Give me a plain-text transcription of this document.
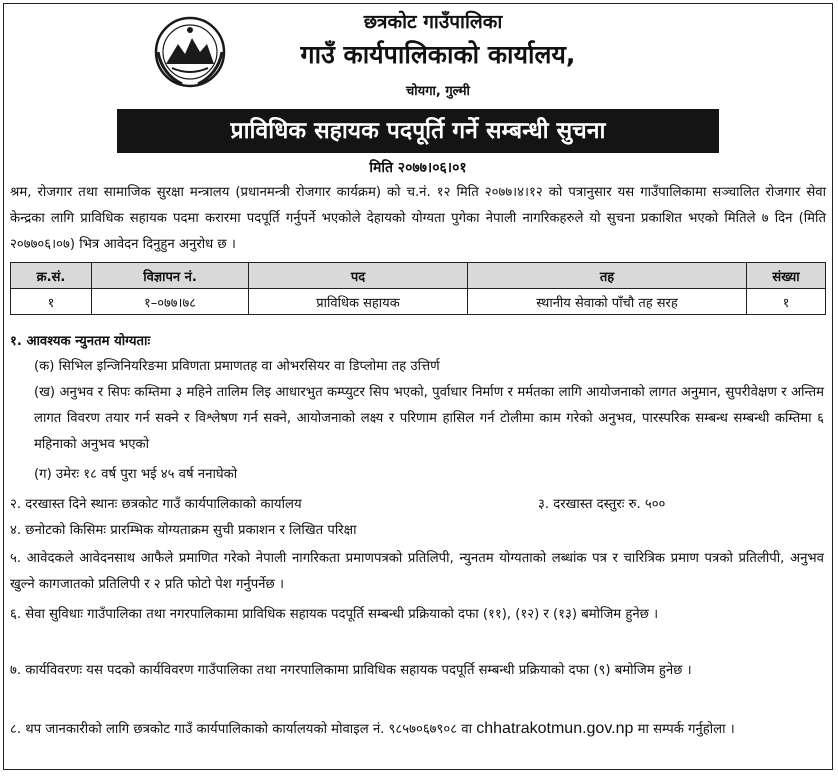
छत्रकोट गाउँपालिका
गाउँ कार्यपालिकाको कार्यालय,
चोयगा, गुल्मी
प्राविधिक सहायक पदपूर्ति गर्ने सम्बन्धी सुचना
मिति २०७७।०६।०१
श्रम, रोजगार तथा सामाजिक सुरक्षा मन्त्रालय (प्रधानमन्त्री रोजगार कार्यक्रम) को च.नं. १२ मिति २०७७।४।१२ को पत्रानुसार यस गाउँपालिकामा सञ्चालित रोजगार सेवा केन्द्रका लागि प्राविधिक सहायक पदमा करारमा पदपूर्ति गर्नुपर्ने भएकोले देहायको योग्यता पुगेका नेपाली नागरिकहरुले यो सुचना प्रकाशित भएको मितिले ७ दिन (मिति २०७७०६।०७) भित्र आवेदन दिनुहुन अनुरोध छ ।
क्र.सं.	विज्ञापन नं.	पद	तह	संख्या
१	१–०७७।७८	प्राविधिक सहायक	स्थानीय सेवाको पाँचौ तह सरह	१
१. आवश्यक न्युनतम योग्यताः
(क) सिभिल इन्जिनियरिङमा प्रविणता प्रमाणतह वा ओभरसियर वा डिप्लोमा तह उत्तिर्ण
(ख) अनुभव र सिपः कम्तिमा ३ महिने तालिम लिइ आधारभुत कम्प्युटर सिप भएको, पुर्वाधार निर्माण र मर्मतका लागि आयोजनाको लागत अनुमान, सुपरीवेक्षण र अन्तिम लागत विवरण तयार गर्न सक्ने र विश्लेषण गर्न सक्ने, आयोजनाको लक्ष्य र परिणाम हासिल गर्न टोलीमा काम गरेको अनुभव, पारस्परिक सम्बन्ध सम्बन्धी कम्तिमा ६ महिनाको अनुभव भएको
(ग) उमेरः १८ वर्ष पुरा भई ४५ वर्ष ननाघेको
२. दरखास्त दिने स्थानः छत्रकोट गाउँ कार्यपालिकाको कार्यालय	३. दरखास्त दस्तुरः रु. ५००
४. छनोटको किसिमः प्रारम्भिक योग्यताक्रम सुची प्रकाशन र लिखित परिक्षा
५. आवेदकले आवेदनसाथ आफैले प्रमाणित गरेको नेपाली नागरिकता प्रमाणपत्रको प्रतिलिपी, न्युनतम योग्यताको लब्धांक पत्र र चारित्रिक प्रमाण पत्रको प्रतिलीपी, अनुभव खुल्ने कागजातको प्रतिलिपी र २ प्रति फोटो पेश गर्नुपर्नेछ ।
६. सेवा सुविधाः गाउँपालिका तथा नगरपालिकामा प्राविधिक सहायक पदपूर्ति सम्बन्धी प्रक्रियाको दफा (११), (१२) र (१३) बमोजिम हुनेछ ।
७. कार्यविवरणः यस पदको कार्यविवरण गाउँपालिका तथा नगरपालिकामा प्राविधिक सहायक पदपूर्ति सम्बन्धी प्रक्रियाको दफा (९) बमोजिम हुनेछ ।
८. थप जानकारीको लागि छत्रकोट गाउँ कार्यपालिकाको कार्यालयको मोवाइल नं. ९८५७०६७९०८ वा chhatrakotmun.gov.np मा सम्पर्क गर्नुहोला ।
